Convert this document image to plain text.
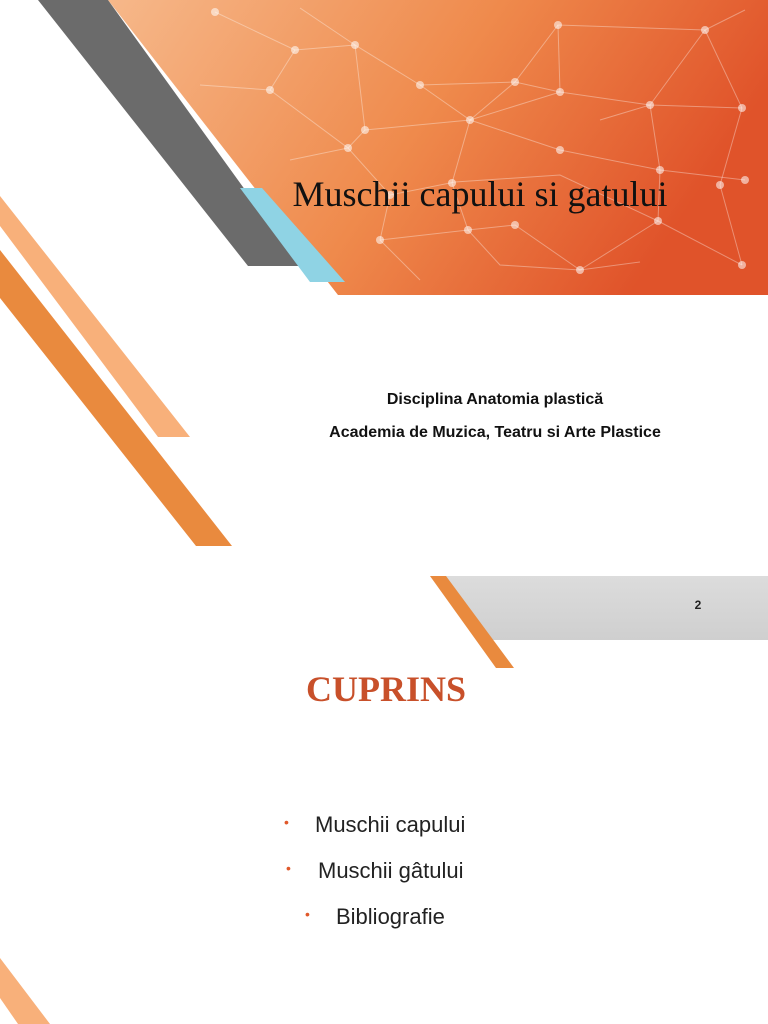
Muschii capului si gatului
Disciplina Anatomia plastică
Academia de Muzica, Teatru si Arte Plastice
2
CUPRINS
• Muschii capului
• Muschii gâtului
• Bibliografie
